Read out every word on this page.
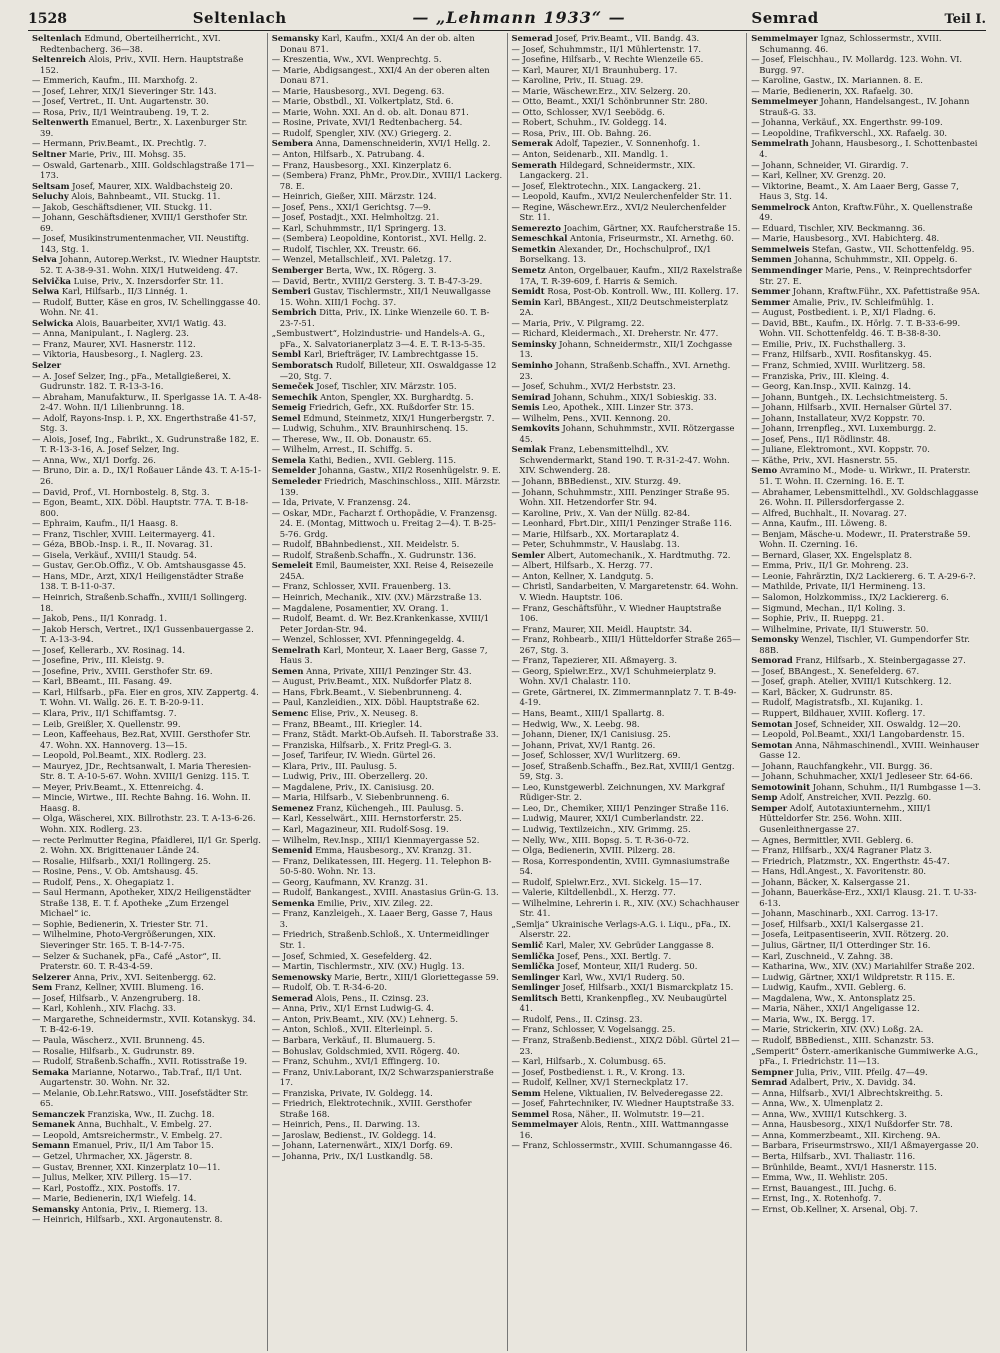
1528	Seltenlach	— „Lehmann 1933“ —	Semrad	Teil I.
Seltenlach Edmund, Oberteilherricht., XVI. Redtenbacherg. 36—38.
Seltenreich Alois, Priv., XVII. Hern. Hauptstraße 152.
— Emmerich, Kaufm., III. Marxhofg. 2.
— Josef, Lehrer, XIX/1 Sieveringer Str. 143.
— Josef, Vertret., II. Unt. Augartenstr. 30.
— Rosa, Priv., II/1 Weintraubeng. 19, T. 2.
Seltenwerth Emanuel, Bertr., X. Laxenburger Str. 39.
— Hermann, Priv.Beamt., IX. Prechtlg. 7.
Seltner Marie, Priv., III. Mohsg. 35.
— Oswald, Gartenarb., XIII. Goldschlagstraße 171—173.
Seltsam Josef, Maurer, XIX. Waldbachsteig 20.
Seluchy Alois, Bahnbeamt., VII. Stuckg. 11.
— Jakob, Geschäftsdiener, VII. Stuckg. 11.
— Johann, Geschäftsdiener, XVIII/1 Gersthofer Str. 69.
— Josef, Musikinstrumentenmacher, VII. Neustiftg. 143, Stg. 1.
Selva Johann, Autorep.Werkst., IV. Wiedner Hauptstr. 52. T. A-38-9-31. Wohn. XIX/1 Hutweideng. 47.
Selvička Luise, Priv., X. Inzersdorfer Str. 11.
Selwa Karl, Hilfsarb., II/3 Linnég. 1.
— Rudolf, Butter, Käse en gros, IV. Schellinggasse 40. Wohn. Nr. 41.
Selwicka Alois, Bauarbeiter, XVI/1 Watig. 43.
— Anna, Manipulant., I. Naglerg. 23.
— Franz, Maurer, XVI. Hasnerstr. 112.
— Viktoria, Hausbesorg., I. Naglerg. 23.
Selzer
— A. Josef Selzer, Ing., pFa., Metallgießerei, X. Gudrunstr. 182. T. R-13-3-16.
— Abraham, Manufakturw., II. Sperlgasse 1A. T. A-48-2-47. Wohn. II/1 Lilienbrunng. 18.
— Adolf, Rayons-Insp. i. P., XX. Engerthstraße 41-57, Stg. 3.
— Alois, Josef, Ing., Fabrikt., X. Gudrunstraße 182, E. T. R-13-3-16, A. Josef Selzer, Ing.
— Anna, Ww., XI/1 Dorfg. 26.
— Bruno, Dir. a. D., IX/1 Roßauer Lände 43. T. A-15-1-26.
— David, Prof., VI. Hornbostelg. 8, Stg. 3.
— Egon, Beamt., XIX. Döbl. Hauptstr. 77A. T. B-18-800.
— Ephraim, Kaufm., II/1 Haasg. 8.
— Franz, Tischler, XVIII. Leitermayerg. 41.
— Géza, BBOb.-Insp. i. R., II. Novarag. 31.
— Gisela, Verkäuf., XVIII/1 Staudg. 54.
— Gustav, Ger.Ob.Offiz., V. Ob. Amtshausgasse 45.
— Hans, MDr., Arzt, XIX/1 Heiligenstädter Straße 138. T. B-11-0-37.
— Heinrich, Straßenb.Schaffn., XVIII/1 Sollingerg. 18.
— Jakob, Pens., II/1 Konradg. 1.
— Jakob Hersch, Vertret., IX/1 Gussenbauergasse 2. T. A-13-3-94.
— Josef, Kellerarb., XV. Rosinag. 14.
— Josefine, Priv., III. Kleistg. 9.
— Josefine, Priv., XVIII. Gersthofer Str. 69.
— Karl, BBeamt., III. Fasang. 49.
— Karl, Hilfsarb., pFa. Eier en gros, XIV. Zappertg. 4. T. Wohn. VI. Wallg. 26. E. T. B-20-9-11.
— Klara, Priv., II/1 Schiffamtsg. 7.
— Leib, Greißler, X. Quellenstr. 99.
— Leon, Kaffeehaus, Bez.Rat, XVIII. Gersthofer Str. 47. Wohn. XX. Hannoverg. 13—15.
— Leopold, Pol.Beamt., XIX. Rodlerg. 23.
— Mauryez, JDr., Rechtsanwalt, I. Maria Theresien-Str. 8. T. A-10-5-67. Wohn. XVIII/1 Genizg. 115. T.
— Meyer, Priv.Beamt., X. Ettenreichg. 4.
— Mincie, Wirtwe., III. Rechte Bahng. 16. Wohn. II. Haasg. 8.
— Olga, Wäscherei, XIX. Billrothstr. 23. T. A-13-6-26. Wohn. XIX. Rodlerg. 23.
— recte Perlmutter Regina, Pfaidlerei, II/1 Gr. Sperlg. 2. Wohn. XX. Brigittenauer Lände 24.
— Rosalie, Hilfsarb., XXI/1 Rollingerg. 25.
— Rosine, Pens., V. Ob. Amtshausg. 45.
— Rudolf, Pens., X. Ohegapiatz 1.
— Saul Hermann, Apotheker, XIX/2 Heiligenstädter Straße 138, E. T. f. Apotheke „Zum Erzengel Michael“ ic.
— Sophie, Bedienerin, X. Triester Str. 71.
— Wilhelmine, Photo-Vergrößerungen, XIX. Sieveringer Str. 165. T. B-14-7-75.
— Selzer & Suchanek, pFa., Café „Astor“, II. Praterstr. 60. T. R-43-4-59.
Selzerer Anna, Priv., XVI. Seitenbergg. 62.
Sem Franz, Kellner, XVIII. Blumeng. 16.
— Josef, Hilfsarb., V. Anzengruberg. 18.
— Karl, Kohlenh., XIV. Flachg. 33.
— Margarethe, Schneidermstr., XVII. Kotanskyg. 34. T. B-42-6-19.
— Paula, Wäscherz., XVII. Brunneng. 45.
— Rosalie, Hilfsarb., X. Gudrunstr. 89.
— Rudolf, Straßenb.Schaffn., XVII. Rotisstraße 19.
Semaka Marianne, Notarwo., Tab.Traf., II/1 Unt. Augartenstr. 30. Wohn. Nr. 32.
— Melanie, Ob.Lehr.Ratswo., VIII. Josefstädter Str. 65.
Semanczek Franziska, Ww., II. Zuchg. 18.
Semanek Anna, Buchhalt., V. Embelg. 27.
— Leopold, Amtsreichermstr., V. Embelg. 27.
Semann Emanuel, Priv., II/1 Am Tabor 15.
— Getzel, Uhrmacher, XX. Jägerstr. 8.
— Gustav, Brenner, XXI. Kinzerplatz 10—11.
— Julius, Melker, XIV. Pillerg. 15—17.
— Karl, Postoffz., XIX. Postoffs. 17.
— Marie, Bedienerin, IX/1 Wiefelg. 14.
Semansky Antonia, Priv., I. Riemerg. 13.
— Heinrich, Hilfsarb., XXI. Argonautenstr. 8.
Semansky Karl, Kaufm., XXI/4 An der ob. alten Donau 871.
— Kreszentia, Ww., XVI. Wenprechtg. 5.
— Marie, Abdigsangest., XXI/4 An der oberen alten Donau 871.
— Marie, Hausbesorg., XVI. Degeng. 63.
— Marie, Obstbdl., XI. Volkertplatz, Std. 6.
— Marie, Wohn. XXI. An d. ob. alt. Donau 871.
— Rosine, Private, XVI/1 Redtenbacherg. 54.
— Rudolf, Spengler, XIV. (XV.) Griegerg. 2.
Sembera Anna, Damenschneiderin, XVI/1 Hellg. 2.
— Anton, Hilfsarb., X. Patrubang. 4.
— Franz, Hausbesorg., XXI. Kinzerplatz 6.
— (Sembera) Franz, PhMr., Prov.Dir., XVIII/1 Lackerg. 78. E.
— Heinrich, Gießer, XIII. Märzstr. 124.
— Josef, Pens., XXI/1 Gerichtsg. 7—9.
— Josef, Postadjt., XXI. Helmholtzg. 21.
— Karl, Schuhmmstr., II/1 Springerg. 13.
— (Sembera) Leopoldine, Kontorist., XVI. Hellg. 2.
— Rudolf, Tischler, XX. Treustr. 66.
— Wenzel, Metallschleif., XVI. Paletzg. 17.
Semberger Berta, Ww., IX. Rögerg. 3.
— David, Bertr., XVIII/2 Gersterg. 3. T. B-47-3-29.
Semberi Gustav, Tischlermstr., XII/1 Neuwallgasse 15. Wohn. XIII/1 Fochg. 37.
Sembrich Ditta, Priv., IX. Linke Wienzeile 60. T. B-23-7-51.
„Sembustwert“, Holzindustrie- und Handels-A. G., pFa., X. Salvatorianerplatz 3—4. E. T. R-13-5-35.
Sembl Karl, Briefträger, IV. Lambrechtgasse 15.
Semboratsch Rudolf, Billeteur, XII. Oswaldgasse 12—20, Stg. 7.
Semeček Josef, Tischler, XIV. Märzstr. 105.
Semechik Anton, Spengler, XX. Burghardtg. 5.
Semeig Friedrich, Gefr., XX. Rußdorfer Str. 15.
Semel Edmund, Steinmetz, XIX/1 Hungerbergstr. 7.
— Ludwig, Schuhm., XIV. Braunhirschenq. 15.
— Therese, Ww., II. Ob. Donaustr. 65.
— Wilhelm, Arrest., II. Schiffg. 5.
Semela Kathi, Bedien., XVII. Geblerg. 115.
Semelder Johanna, Gastw., XII/2 Rosenhügelstr. 9. E.
Semeleder Friedrich, Maschinschloss., XIII. Märzstr. 139.
— Ida, Private, V. Franzensg. 24.
— Oskar, MDr., Facharzt f. Orthopädie, V. Franzensg. 24. E. (Montag, Mittwoch u. Freitag 2—4). T. B-25-5-76. Grdg.
— Rudolf, BBahnbedienst., XII. Meidelstr. 5.
— Rudolf, Straßenb.Schaffn., X. Gudrunstr. 136.
Semeleit Emil, Baumeister, XXI. Reise 4, Reisezeile 245A.
— Franz, Schlosser, XVII. Frauenberg. 13.
— Heinrich, Mechanik., XIV. (XV.) Märzstraße 13.
— Magdalene, Posamentier, XV. Orang. 1.
— Rudolf, Beamt. d. Wr. Bez.Krankenkasse, XVIII/1 Peter Jordan-Str. 94.
— Wenzel, Schlosser, XVI. Pfenningegeldg. 4.
Semelrath Karl, Monteur, X. Laaer Berg, Gasse 7, Haus 3.
Semen Anna, Private, XIII/1 Penzinger Str. 43.
— August, Priv.Beamt., XIX. Nußdorfer Platz 8.
— Hans, Fbrk.Beamt., V. Siebenbrunneng. 4.
— Paul, Kanzleidien., XIX. Döbl. Hauptstraße 62.
Semenc Elise, Priv., X. Neuseg. 8.
— Franz, BBeamt., III. Kriegler. 14.
— Franz, Städt. Markt-Ob.Aufseh. II. Taborstraße 33.
— Franziska, Hilfsarb., X. Fritz Pregl-G. 3.
— Josef, Tarifeur, IV. Wiedn. Gürtel 26.
— Klara, Priv., III. Paulusg. 5.
— Ludwig, Priv., III. Oberzellerg. 20.
— Magdalene, Priv., IX. Canisiusg. 20.
— Maria, Hilfsarb., V. Siebenbrunneng. 6.
Semenez Franz, Küchengeh., III. Paulusg. 5.
— Karl, Kesselwärt., XIII. Hernstorferstr. 25.
— Karl, Magazineur, XII. Rudolf-Sosg. 19.
— Wilhelm, Rev.Insp., XIII/1 Kienmayergasse 52.
Semenid Emma, Hausbesorg., XV. Kranzg. 31.
— Franz, Delikatessen, III. Hegerg. 11. Telephon B-50-5-80. Wohn. Nr. 13.
— Georg, Kaufmann, XV. Kranzg. 31.
— Rudolf, Bankangest., XVIII. Anastasius Grün-G. 13.
Semenka Emilie, Priv., XIV. Zileg. 22.
— Franz, Kanzleigeh., X. Laaer Berg, Gasse 7, Haus 3.
— Friedrich, Straßenb.Schloß., X. Untermeidlinger Str. 1.
— Josef, Schmied, X. Gesefelderg. 42.
— Martin, Tischlermstr., XIV. (XV.) Huglg. 13.
Semenowsky Marie, Bertr., XIII/1 Gloriettegasse 59.
— Rudolf, Ob. T. R-34-6-20.
Semerad Alois, Pens., II. Czinsg. 23.
— Anna, Priv., XI/1 Ernst Ludwig-G. 4.
— Anton, Priv.Beamt., XIV. (XV.) Lehnerg. 5.
— Anton, Schloß., XVII. Elterleinpl. 5.
— Barbara, Verkäuf., II. Blumauerg. 5.
— Bohuslav, Goldschmied, XVII. Rögerg. 40.
— Franz, Schuhm., XVI/1 Effingerg. 10.
— Franz, Univ.Laborant, IX/2 Schwarzspanierstraße 17.
— Franziska, Private, IV. Goldegg. 14.
— Friedrich, Elektrotechnik., XVIII. Gersthofer Straße 168.
— Heinrich, Pens., II. Darwing. 13.
— Jaroslaw, Bedienst., IV. Goldegg. 14.
— Johann, Laternenwärt., XIX/1 Dorfg. 69.
— Johanna, Priv., IX/1 Lustkandlg. 58.
Semerad Josef, Priv.Beamt., VII. Bandg. 43.
— Josef, Schuhmmstr., II/1 Mühlertenstr. 17.
— Josefine, Hilfsarb., V. Rechte Wienzeile 65.
— Karl, Maurer, XI/1 Braunhuberg. 17.
— Karoline, Priv., II. Stuag. 29.
— Marie, Wäschewr.Erz., XIV. Selzerg. 20.
— Otto, Beamt., XXI/1 Schönbrunner Str. 280.
— Otto, Schlosser, XV/1 Seebödg. 6.
— Robert, Schuhm., IV. Goldegg. 14.
— Rosa, Priv., III. Ob. Bahng. 26.
Semerak Adolf, Tapezier., V. Sonnenhofg. 1.
— Anton, Seidenarb., XII. Mandlg. 1.
Semerath Hildegard, Schneidermstr., XIX. Langackerg. 21.
— Josef, Elektrotechn., XIX. Langackerg. 21.
— Leopold, Kaufm., XVI/2 Neulerchenfelder Str. 11.
— Regine, Wäschewr.Erz., XVI/2 Neulerchenfelder Str. 11.
Semerezto Joachim, Gärtner, XX. Raufcherstraße 15.
Semeschkal Antonia, Friseurmstr., XI. Arnethg. 60.
Semetkin Alexander, Dr., Hochschulprof., IX/1 Borselkang. 13.
Semetz Anton, Orgelbauer, Kaufm., XII/2 Raxelstraße 17A, T. R-39-609, f. Harris & Semich.
Semidt Rosa, Post-Ob. Kontroll. Ww., III. Kollerg. 17.
Semin Karl, BBAngest., XII/2 Deutschmeisterplatz 2A.
— Maria, Priv., V. Pilgramg. 22.
— Richard, Kleidermach., XI. Dreherstr. Nr. 477.
Seminsky Johann, Schneidermstr., XII/1 Zochgasse 13.
Seminho Johann, Straßenb.Schaffn., XVI. Arnethg. 23.
— Josef, Schuhm., XVI/2 Herbststr. 23.
Semirad Johann, Schuhm., XIX/1 Sobieskig. 33.
Semis Leo, Apothek., XIII. Linzer Str. 373.
— Wilhelm, Pens., XVII. Kennong. 20.
Semkovits Johann, Schuhmmstr., XVII. Rötzergasse 45.
Semlak Franz, Lebensmittelhdl., XV. Schwendermarkt, Stand 190. T. R-31-2-47. Wohn. XIV. Schwenderg. 28.
— Johann, BBBedienst., XIV. Sturzg. 49.
— Johann, Schuhmmstr., XIII. Penzinger Straße 95. Wohn. XII. Hetzendorfer Str. 94.
— Karoline, Priv., X. Van der Nüllg. 82-84.
— Leonhard, Fbrt.Dir., XIII/1 Penzinger Straße 116.
— Marie, Hilfsarb., XX. Mortaraplatz 4.
— Peter, Schuhmmstr., V. Hauslabg. 13.
Semler Albert, Automechanik., X. Hardtmuthg. 72.
— Albert, Hilfsarb., X. Herzg. 77.
— Anton, Kellner, X. Landgutg. 5.
— Christl, Sandarbeiten, V. Margaretenstr. 64. Wohn. V. Wiedn. Hauptstr. 106.
— Franz, Geschäftsführ., V. Wiedner Hauptstraße 106.
— Franz, Maurer, XII. Meidl. Hauptstr. 34.
— Franz, Rohbearb., XIII/1 Hütteldorfer Straße 265—267, Stg. 3.
— Franz, Tapezierer, XII. Aßmayerg. 3.
— Georg, Spielwr.Erz., XV/1 Schuhmeierplatz 9. Wohn. XV/1 Chalastr. 110.
— Grete, Gärtnerei, IX. Zimmermannplatz 7. T. B-49-4-19.
— Hans, Beamt., XIII/1 Spallartg. 8.
— Hedwig, Ww., X. Leebg. 98.
— Johann, Diener, IX/1 Canisiusg. 25.
— Johann, Privat, XV/1 Rantg. 26.
— Josef, Schlosser, XV/1 Wurlitzerg. 69.
— Josef, Straßenb.Schaffn., Bez.Rat, XVIII/1 Gentzg. 59, Stg. 3.
— Leo, Kunstgewerbl. Zeichnungen, XV. Markgraf Rüdiger-Str. 2.
— Leo, Dr., Chemiker, XIII/1 Penzinger Straße 116.
— Ludwig, Maurer, XXI/1 Cumberlandstr. 22.
— Ludwig, Textilzeichn., XIV. Grimmg. 25.
— Nelly, Ww., XIII. Bopsg. 5. T. R-36-0-72.
— Olga, Bedienerin, XVIII. Pilzerg. 28.
— Rosa, Korrespondentin, XVIII. Gymnasiumstraße 54.
— Rudolf, Spielwr.Erz., XVI. Sickelg. 15—17.
— Valerie, Kiltdellenbdl., X. Herzg. 77.
— Wilhelmine, Lehrerin i. R., XIV. (XV.) Schachhauser Str. 41.
„Semlja“ Ukrainische Verlags-A.G. i. Liqu., pFa., IX. Alserstr. 22.
Semlič Karl, Maler, XV. Gebrüder Langgasse 8.
Semlička Josef, Pens., XXI. Bertlg. 7.
Semlička Josef, Monteur, XII/1 Ruderg. 50.
Semlinger Karl, Ww., XVI/1 Ruderg. 50.
Semlinger Josef, Hilfsarb., XXI/1 Bismarckplatz 15.
Semlitsch Betti, Krankenpfleg., XV. Neubaugürtel 41.
— Rudolf, Pens., II. Czinsg. 23.
— Franz, Schlosser, V. Vogelsangg. 25.
— Franz, Straßenb.Bedienst., XIX/2 Döbl. Gürtel 21—23.
— Karl, Hilfsarb., X. Columbusg. 65.
— Josef, Postbedienst. i. R., V. Krong. 13.
— Rudolf, Kellner, XV/1 Sterneckplatz 17.
Semm Helene, Viktualien, IV. Belvederegasse 22.
— Josef, Fahrtechniker, IV. Wiedner Hauptstraße 33.
Semmel Rosa, Näher., II. Wolmutstr. 19—21.
Semmelmayer Alois, Rentn., XIII. Wattmanngasse 16.
— Franz, Schlossermstr., XVIII. Schumanngasse 46.
Semmelmayer Ignaz, Schlossermstr., XVIII. Schumanng. 46.
— Josef, Fleischhau., IV. Mollardg. 123. Wohn. VI. Burgg. 97.
— Karoline, Gastw., IX. Mariannen. 8. E.
— Marie, Bedienerin, XX. Rafaelg. 30.
Semmelmeyer Johann, Handelsangest., IV. Johann Strauß-G. 33.
— Johanna, Verkäuf., XX. Engerthstr. 99-109.
— Leopoldine, Trafikverschl., XX. Rafaelg. 30.
Semmelrath Johann, Hausbesorg., I. Schottenbastei 4.
— Johann, Schneider, VI. Girardig. 7.
— Karl, Kellner, XV. Grenzg. 20.
— Viktorine, Beamt., X. Am Laaer Berg, Gasse 7, Haus 3, Stg. 14.
Semmelrock Anton, Kraftw.Führ., X. Quellenstraße 49.
— Eduard, Tischler, XIV. Beckmanng. 36.
— Marie, Hausbesorg., XVI. Habichterg. 48.
Semmelweis Stefan, Gastw., VII. Schottenfeldg. 95.
Semmen Johanna, Schuhmmstr., XII. Oppelg. 6.
Semmendinger Marie, Pens., V. Reinprechtsdorfer Str. 27. E.
Semmer Johann, Kraftw.Führ., XX. Pafettistraße 95A.
Semmer Amalie, Priv., IV. Schleifmühlg. 1.
— August, Postbedient. i. P., XI/1 Fladng. 6.
— David, BBt., Kaufm., IX. Hörlg. 7. T. B-33-6-99. Wohn. VII. Schottenfeldg. 46. T. B-38-8-30.
— Emilie, Priv., IX. Fuchsthallerg. 3.
— Franz, Hilfsarb., XVII. Rosfitanskyg. 45.
— Franz, Schmied, XVIII. Wurlitzerg. 58.
— Franziska, Priv., III. Kleing. 4.
— Georg, Kan.Insp., XVII. Kainzg. 14.
— Johann, Buntgeh., IX. Lechsichtmeisterg. 5.
— Johann, Hilfsarb., XVII. Hernalser Gürtel 37.
— Johann, Installateur, XV/2 Koppstr. 70.
— Johann, Irrenpfleg., XVI. Luxemburgg. 2.
— Josef, Pens., II/1 Rödlinstr. 48.
— Juliane, Elektromont., XVI. Koppstr. 70.
— Käthe, Priv., XVI. Hasnerstr. 55.
Semo Avramino M., Mode- u. Wirkwr., II. Praterstr. 51. T. Wohn. II. Czerning. 16. E. T.
— Abrahamer, Lebensmittelhdl., XV. Goldschlaggasse 26. Wohn. II. Pillersdorfergasse 2.
— Alfred, Buchhalt., II. Novarag. 27.
— Anna, Kaufm., III. Löweng. 8.
— Benjam, Mäsche-u. Modewr., II. Praterstraße 59. Wohn. II. Czerning. 16.
— Bernard, Glaser, XX. Engelsplatz 8.
— Emma, Priv., II/1 Gr. Mohreng. 23.
— Leonie, Fahrärztin, IX/2 Lackiererg. 6. T. A-29-6-?.
— Mathilde, Private, II/1 Hermineng. 13.
— Salomon, Holzkommiss., IX/2 Lackiererg. 6.
— Sigmund, Mechan., II/1 Koling. 3.
— Sophie, Priv., II. Rueppg. 21.
— Wilhelmine, Private, II/1 Stuwerstr. 50.
Semonsky Wenzel, Tischler, VI. Gumpendorfer Str. 88B.
Semorad Franz, Hilfsarb., X. Steinbergagasse 27.
— Josef, BBAngest., X. Senefelderg. 67.
— Josef, graph. Atelier, XVIII/1 Kutschkerg. 12.
— Karl, Bäcker, X. Gudrunstr. 85.
— Rudolf, Magistratsfb., XI. Kujanikg. 1.
— Ruppert, Bildhauer, XVIII. Koflerg. 17.
Semotan Josef, Schneider, XII. Oswaldg. 12—20.
— Leopold, Pol.Beamt., XXI/1 Langobardenstr. 15.
Semotan Anna, Nähmaschinendl., XVIII. Weinhauser Gasse 12.
— Johann, Rauchfangkehr., VII. Burgg. 36.
— Johann, Schuhmacher, XXI/1 Jedleseer Str. 64-66.
Semotowinit Johann, Schuhm., II/1 Rumbgasse 1—3.
Semp Adolf, Anstreicher, XVII. Pezzlg. 60.
Semper Adolf, Autotaxiunternehm., XIII/1 Hütteldorfer Str. 256. Wohn. XIII. Gusenleithnergasse 27.
— Agnes, Bermittler, XVII. Geblerg. 6.
— Franz, Hilfsarb., XX/4 Ragraner Platz 3.
— Friedrich, Platzmstr., XX. Engerthstr. 45-47.
— Hans, Hdl.Angest., X. Favoritenstr. 80.
— Johann, Bäcker, X. Kalsergasse 21.
— Johann, Bauerkäse-Erz., XXI/1 Klausg. 21. T. U-33-6-13.
— Johann, Maschinarb., XXI. Carrog. 13-17.
— Josef, Hilfsarb., XXI/1 Kalsergasse 21.
— Josefa, Leitpasentiseerin, XVII. Rötzerg. 20.
— Julius, Gärtner, II/1 Otterdinger Str. 16.
— Karl, Zuschneid., V. Zahng. 38.
— Katharina, Ww., XIV. (XV.) Mariahilfer Straße 202.
— Ludwig, Gärtner, XXI/1 Wildpretstr. R 115. E.
— Ludwig, Kaufm., XVII. Geblerg. 6.
— Magdalena, Ww., X. Antonsplatz 25.
— Maria, Näher., XXI/1 Angeligasse 12.
— Maria, Ww., IX. Bergg. 17.
— Marie, Strickerin, XIV. (XV.) Loßg. 2A.
— Rudolf, BBBedienst., XIII. Schanzstr. 53.
„Semperit“ Österr.-amerikanische Gummiwerke A.G., pFa., I. Friedrichstr. 11—13.
Sempner Julia, Priv., VIII. Pfeilg. 47—49.
Semrad Adalbert, Priv., X. Davidg. 34.
— Anna, Hilfsarb., XVI/1 Albrechtskreithg. 5.
— Anna, Ww., X. Ulmenplatz 2.
— Anna, Ww., XVIII/1 Kutschkerg. 3.
— Anna, Hausbesorg., XIX/1 Nußdorfer Str. 78.
— Anna, Kommerzbeamt., XII. Kircheng. 9A.
— Barbara, Friseurmstrswo., XII/1 Aßmayergasse 20.
— Berta, Hilfsarb., XVI. Thaliastr. 116.
— Brünhilde, Beamt., XVI/1 Hasnerstr. 115.
— Emma, Ww., II. Wehlistr. 205.
— Ernst, Bauangest., III. Juchg. 6.
— Ernst, Ing., X. Rotenhofg. 7.
— Ernst, Ob.Kellner, X. Arsenal, Obj. 7.
